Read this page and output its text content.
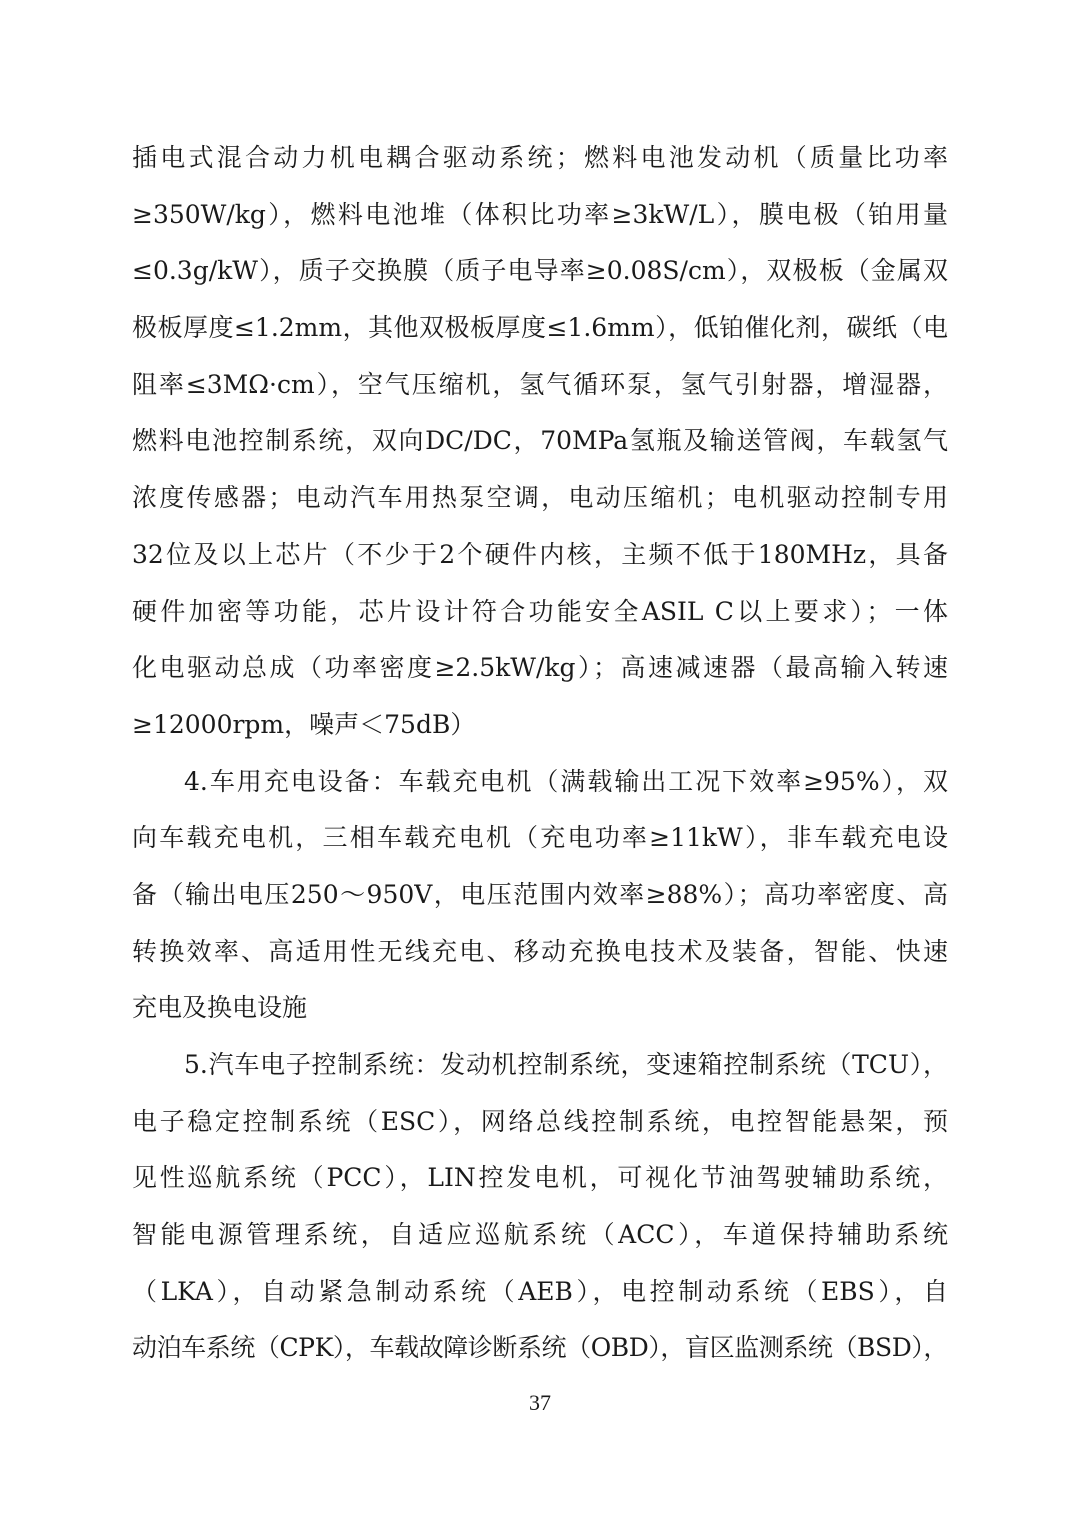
插电式混合动力机电耦合驱动系统；燃料电池发动机（质量比功率
≥350W/kg），燃料电池堆（体积比功率≥3kW/L），膜电极（铂用量
≤0.3g/kW），质子交换膜（质子电导率≥0.08S/cm），双极板（金属双
极板厚度≤1.2mm，其他双极板厚度≤1.6mm），低铂催化剂，碳纸（电
阻率≤3MΩ·cm），空气压缩机，氢气循环泵，氢气引射器，增湿器，
燃料电池控制系统，双向DC/DC，70MPa氢瓶及输送管阀，车载氢气
浓度传感器；电动汽车用热泵空调，电动压缩机；电机驱动控制专用
32位及以上芯片（不少于2个硬件内核，主频不低于180MHz，具备
硬件加密等功能，芯片设计符合功能安全ASIL C以上要求）；一体
化电驱动总成（功率密度≥2.5kW/kg）；高速减速器（最高输入转速
≥12000rpm，噪声＜75dB）
4.车用充电设备：车载充电机（满载输出工况下效率≥95%），双
向车载充电机，三相车载充电机（充电功率≥11kW），非车载充电设
备（输出电压250～950V，电压范围内效率≥88%）；高功率密度、高
转换效率、高适用性无线充电、移动充换电技术及装备，智能、快速
充电及换电设施
5.汽车电子控制系统：发动机控制系统，变速箱控制系统（TCU），
电子稳定控制系统（ESC），网络总线控制系统，电控智能悬架，预
见性巡航系统（PCC），LIN控发电机，可视化节油驾驶辅助系统，
智能电源管理系统，自适应巡航系统（ACC），车道保持辅助系统
（LKA），自动紧急制动系统（AEB），电控制动系统（EBS），自
动泊车系统（CPK），车载故障诊断系统（OBD），盲区监测系统（BSD），
37
